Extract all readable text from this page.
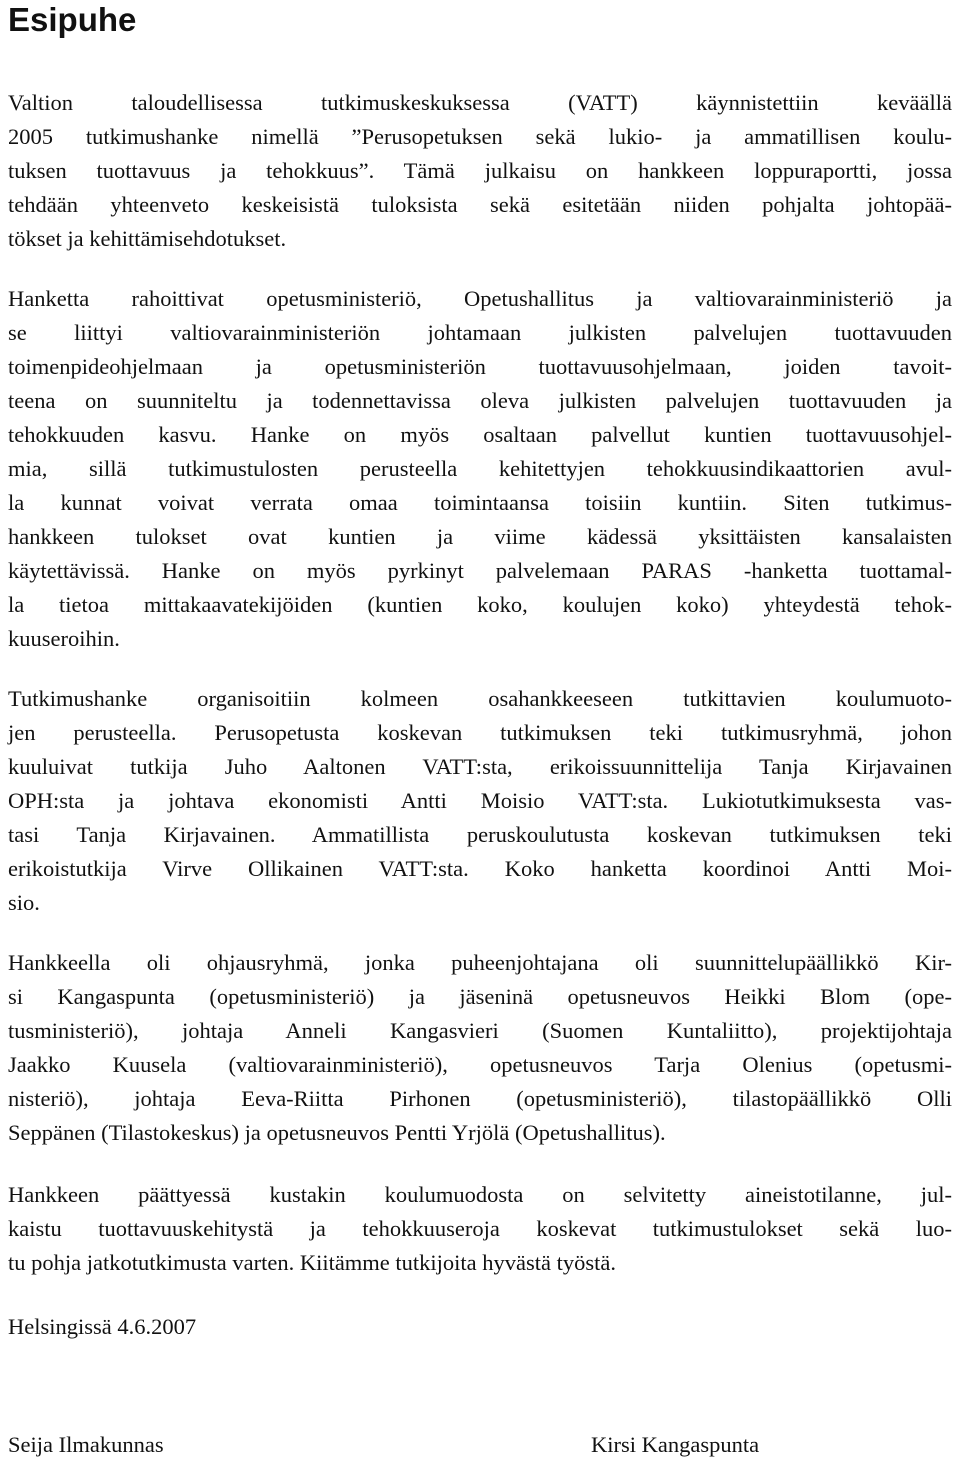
Esipuhe

Valtion taloudellisessa tutkimuskeskuksessa (VATT) käynnistettiin keväällä
2005 tutkimushanke nimellä ”Perusopetuksen sekä lukio- ja ammatillisen koulu-
tuksen tuottavuus ja tehokkuus”. Tämä julkaisu on hankkeen loppuraportti, jossa
tehdään yhteenveto keskeisistä tuloksista sekä esitetään niiden pohjalta johtopää-
tökset ja kehittämisehdotukset.

Hanketta rahoittivat opetusministeriö, Opetushallitus ja valtiovarainministeriö ja
se liittyi valtiovarainministeriön johtamaan julkisten palvelujen tuottavuuden
toimenpideohjelmaan ja opetusministeriön tuottavuusohjelmaan, joiden tavoit-
teena on suunniteltu ja todennettavissa oleva julkisten palvelujen tuottavuuden ja
tehokkuuden kasvu. Hanke on myös osaltaan palvellut kuntien tuottavuusohjel-
mia, sillä tutkimustulosten perusteella kehitettyjen tehokkuusindikaattorien avul-
la kunnat voivat verrata omaa toimintaansa toisiin kuntiin. Siten tutkimus-
hankkeen tulokset ovat kuntien ja viime kädessä yksittäisten kansalaisten
käytettävissä. Hanke on myös pyrkinyt palvelemaan PARAS -hanketta tuottamal-
la tietoa mittakaavatekijöiden (kuntien koko, koulujen koko) yhteydestä tehok-
kuuseroihin.

Tutkimushanke organisoitiin kolmeen osahankkeeseen tutkittavien koulumuoto-
jen perusteella. Perusopetusta koskevan tutkimuksen teki tutkimusryhmä, johon
kuuluivat tutkija Juho Aaltonen VATT:sta, erikoissuunnittelija Tanja Kirjavainen
OPH:sta ja johtava ekonomisti Antti Moisio VATT:sta. Lukiotutkimuksesta vas-
tasi Tanja Kirjavainen. Ammatillista peruskoulutusta koskevan tutkimuksen teki
erikoistutkija Virve Ollikainen VATT:sta. Koko hanketta koordinoi Antti Moi-
sio.

Hankkeella oli ohjausryhmä, jonka puheenjohtajana oli suunnittelupäällikkö Kir-
si Kangaspunta (opetusministeriö) ja jäseninä opetusneuvos Heikki Blom (ope-
tusministeriö), johtaja Anneli Kangasvieri (Suomen Kuntaliitto), projektijohtaja
Jaakko Kuusela (valtiovarainministeriö), opetusneuvos Tarja Olenius (opetusmi-
nisteriö), johtaja Eeva-Riitta Pirhonen (opetusministeriö), tilastopäällikkö Olli
Seppänen (Tilastokeskus) ja opetusneuvos Pentti Yrjölä (Opetushallitus).

Hankkeen päättyessä kustakin koulumuodosta on selvitetty aineistotilanne, jul-
kaistu tuottavuuskehitystä ja tehokkuuseroja koskevat tutkimustulokset sekä luo-
tu pohja jatkotutkimusta varten. Kiitämme tutkijoita hyvästä työstä.

Helsingissä 4.6.2007

Seija Ilmakunnas	Kirsi Kangaspunta
